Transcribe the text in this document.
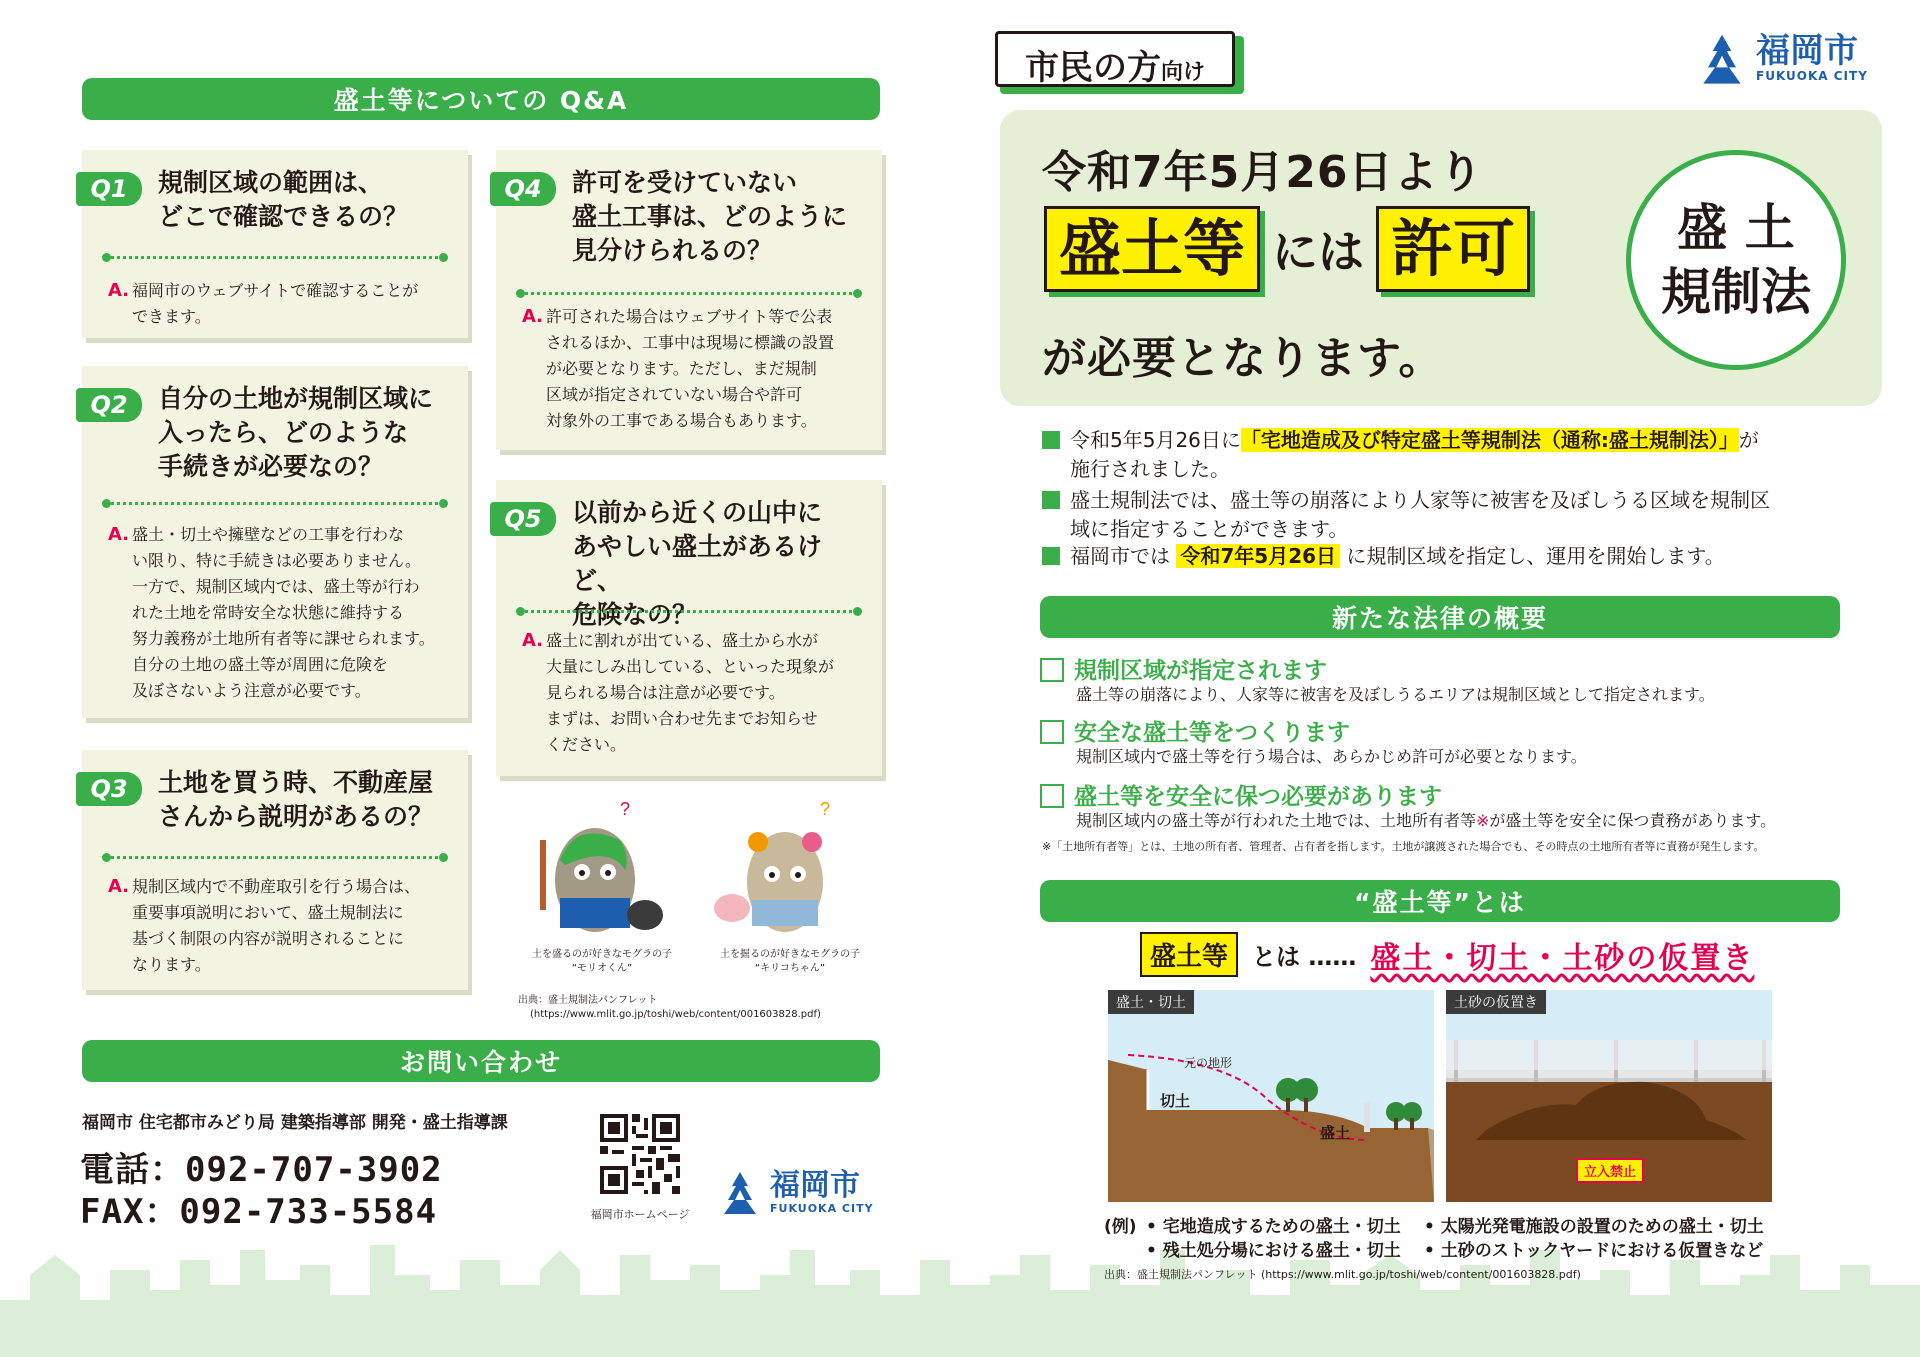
盛土等についての Q&A
Q1	規制区域の範囲は、
どこで確認できるの？
A. 福岡市のウェブサイトで確認することが
できます。
Q2	自分の土地が規制区域に
入ったら、どのような
手続きが必要なの？
A. 盛土・切土や擁壁などの工事を行わな
い限り、特に手続きは必要ありません。
一方で、規制区域内では、盛土等が行わ
れた土地を常時安全な状態に維持する
努力義務が土地所有者等に課せられます。
自分の土地の盛土等が周囲に危険を
及ぼさないよう注意が必要です。
Q3	土地を買う時、不動産屋
さんから説明があるの？
A. 規制区域内で不動産取引を行う場合は、
重要事項説明において、盛土規制法に
基づく制限の内容が説明されることに
なります。
Q4	許可を受けていない
盛土工事は、どのように
見分けられるの？
A. 許可された場合はウェブサイト等で公表
されるほか、工事中は現場に標識の設置
が必要となります。ただし、まだ規制
区域が指定されていない場合や許可
対象外の工事である場合もあります。
Q5	以前から近くの山中に
あやしい盛土があるけど、
危険なの？
A. 盛土に割れが出ている、盛土から水が
大量にしみ出している、といった現象が
見られる場合は注意が必要です。
まずは、お問い合わせ先までお知らせ
ください。
?	?
土を盛るのが好きなモグラの子
“モリオくん”
土を掘るのが好きなモグラの子
“キリコちゃん”
出典：盛土規制法パンフレット
(https://www.mlit.go.jp/toshi/web/content/001603828.pdf)
お問い合わせ
福岡市 住宅都市みどり局 建築指導部 開発・盛土指導課
電話：092-707-3902
FAX：092-733-5584	福岡市ホームページ
福岡市
FUKUOKA CITY
市民の方 向け
福岡市
FUKUOKA CITY
令和7年5月26日より
盛土等 には 許可
が必要となります。
盛 土
規制法
令和5年5月26日に「宅地造成及び特定盛土等規制法（通称:盛土規制法）」が
施行されました。
盛土規制法では、盛土等の崩落により人家等に被害を及ぼしうる区域を規制区
域に指定することができます。
福岡市では 令和7年5月26日 に規制区域を指定し、運用を開始します。
新たな法律の概要
規制区域が指定されます
盛土等の崩落により、人家等に被害を及ぼしうるエリアは規制区域として指定されます。
安全な盛土等をつくります
規制区域内で盛土等を行う場合は、あらかじめ許可が必要となります。
盛土等を安全に保つ必要があります
規制区域内の盛土等が行われた土地では、土地所有者等※が盛土等を安全に保つ責務があります。
※「土地所有者等」とは、土地の所有者、管理者、占有者を指します。土地が譲渡された場合でも、その時点の土地所有者等に責務が発生します。
“盛土等”とは
盛土等	とは …… 盛土・切土・土砂の仮置き
盛土・切土
元の地形
切土
盛土
土砂の仮置き
立入禁止
(例) • 宅地造成するための盛土・切土
• 残土処分場における盛土・切土
• 太陽光発電施設の設置のための盛土・切土
• 土砂のストックヤードにおける仮置きなど
出典：盛土規制法パンフレット (https://www.mlit.go.jp/toshi/web/content/001603828.pdf)
